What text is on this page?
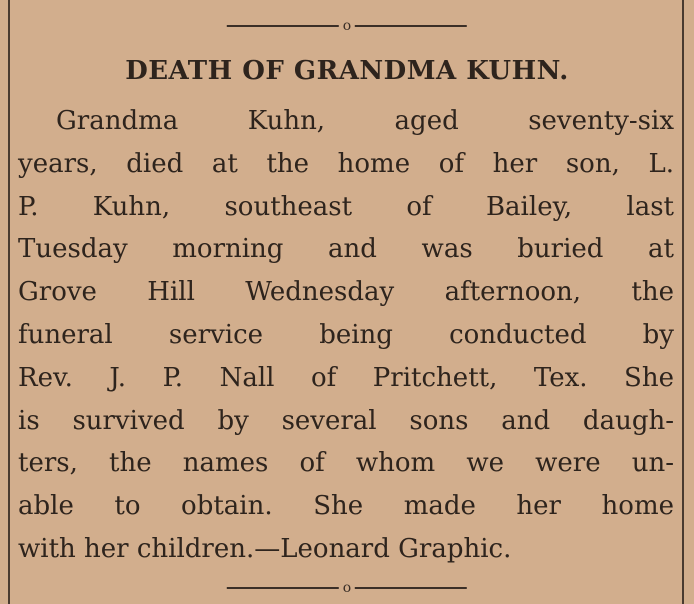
o
DEATH OF GRANDMA KUHN.
Grandma Kuhn, aged seventy-six
years, died at the home of her son, L.
P. Kuhn, southeast of Bailey, last
Tuesday morning and was buried at
Grove Hill Wednesday afternoon, the
funeral service being conducted by
Rev. J. P. Nall of Pritchett, Tex. She
is survived by several sons and daugh-
ters, the names of whom we were un-
able to obtain. She made her home
with her children.—Leonard Graphic.
o
